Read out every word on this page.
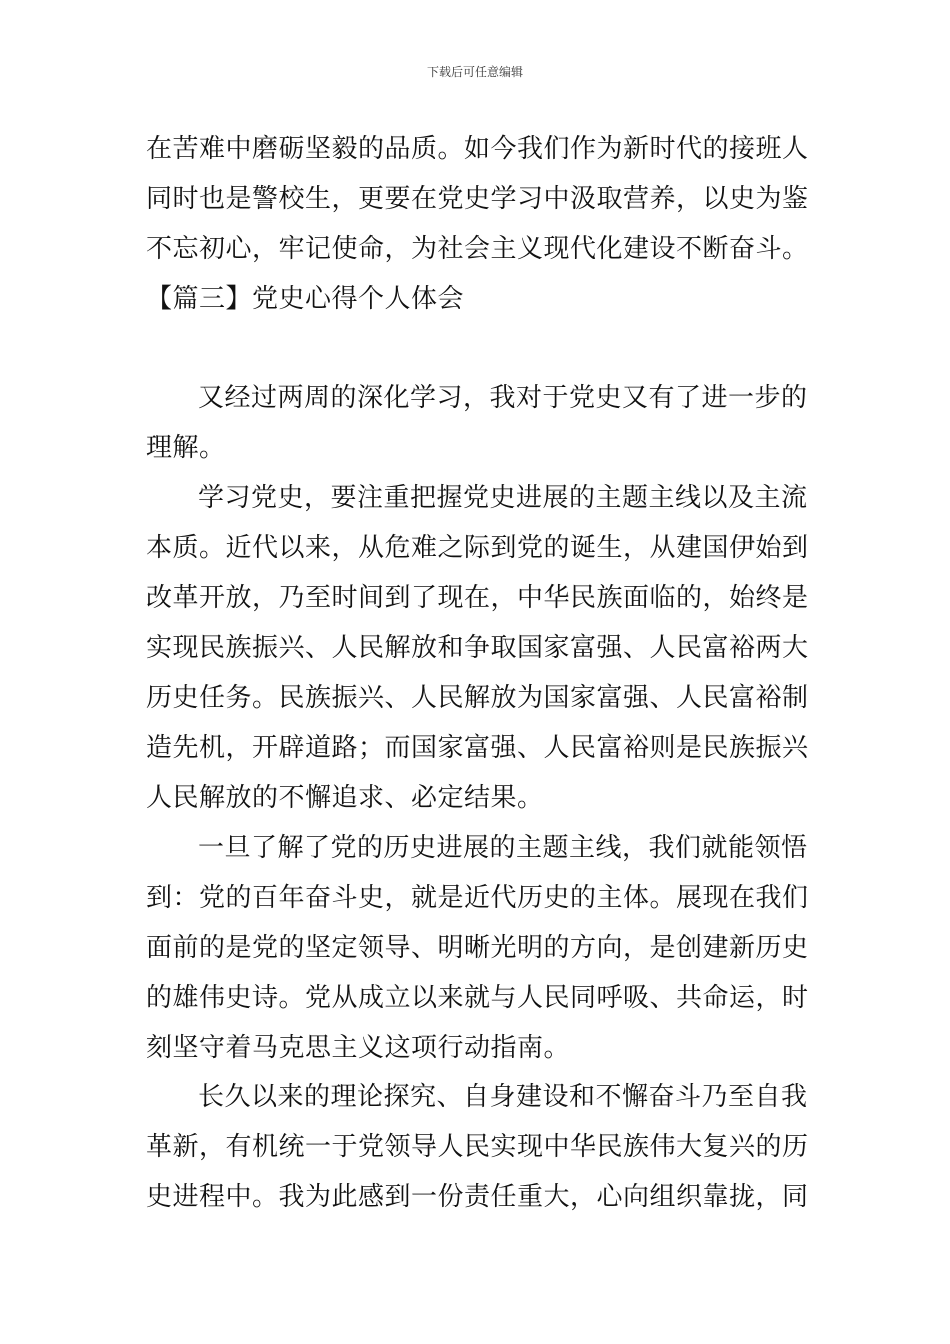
下载后可任意编辑
在苦难中磨砺坚毅的品质。如今我们作为新时代的接班人
同时也是警校生，更要在党史学习中汲取营养，以史为鉴
不忘初心，牢记使命，为社会主义现代化建设不断奋斗。
【篇三】党史心得个人体会
又经过两周的深化学习，我对于党史又有了进一步的
理解。
学习党史，要注重把握党史进展的主题主线以及主流
本质。近代以来，从危难之际到党的诞生，从建国伊始到
改革开放，乃至时间到了现在，中华民族面临的，始终是
实现民族振兴、人民解放和争取国家富强、人民富裕两大
历史任务。民族振兴、人民解放为国家富强、人民富裕制
造先机，开辟道路；而国家富强、人民富裕则是民族振兴
人民解放的不懈追求、必定结果。
一旦了解了党的历史进展的主题主线，我们就能领悟
到：党的百年奋斗史，就是近代历史的主体。展现在我们
面前的是党的坚定领导、明晰光明的方向，是创建新历史
的雄伟史诗。党从成立以来就与人民同呼吸、共命运，时
刻坚守着马克思主义这项行动指南。
长久以来的理论探究、自身建设和不懈奋斗乃至自我
革新，有机统一于党领导人民实现中华民族伟大复兴的历
史进程中。我为此感到一份责任重大，心向组织靠拢，同
